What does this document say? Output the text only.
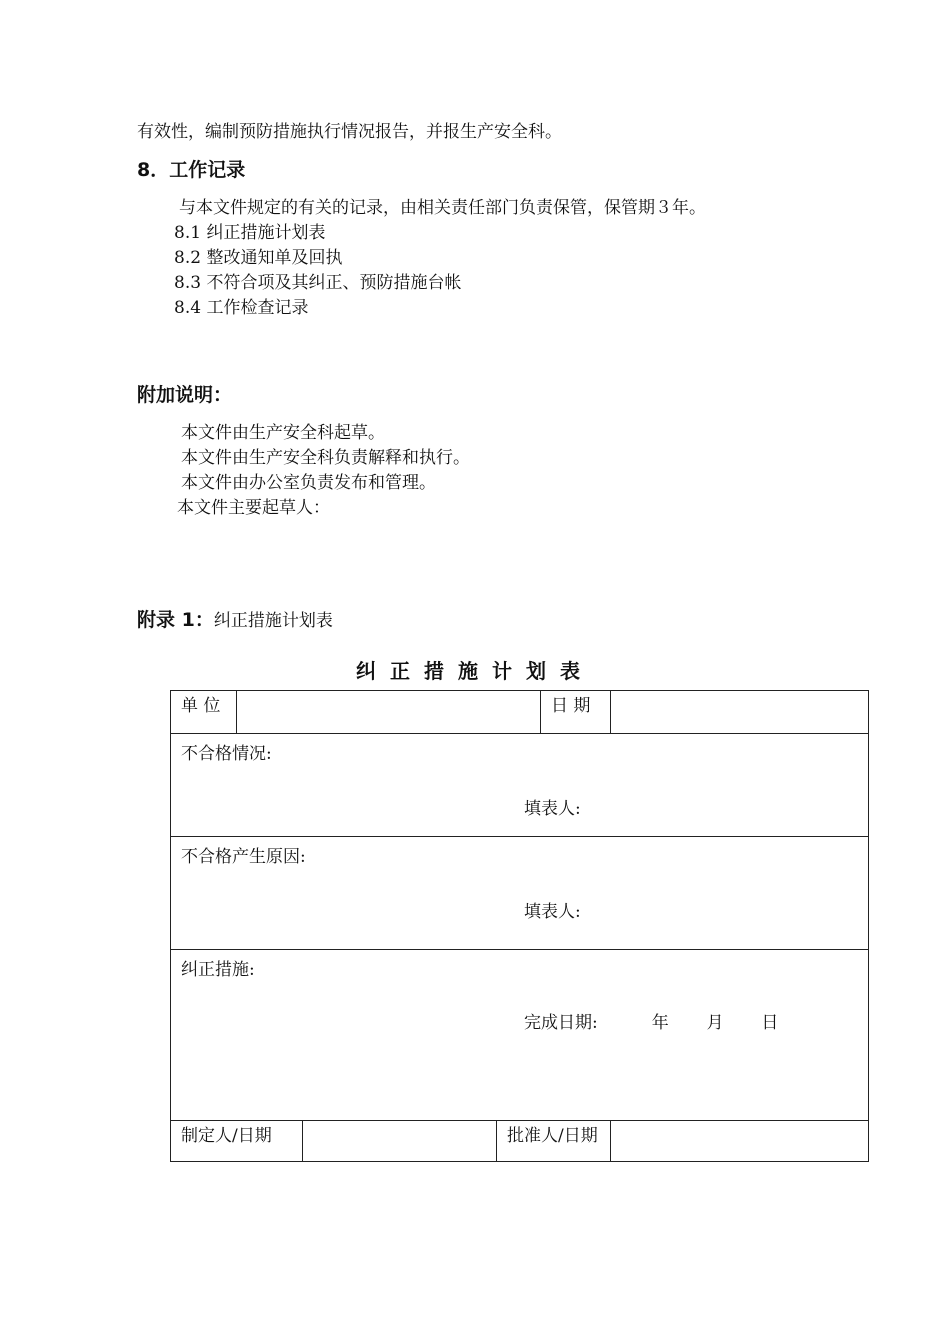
有效性，编制预防措施执行情况报告，并报生产安全科。
8．工作记录
与本文件规定的有关的记录，由相关责任部门负责保管，保管期３年。
8.1 纠正措施计划表
8.2 整改通知单及回执
8.3 不符合项及其纠正、预防措施台帐
8.4 工作检查记录
附加说明：
本文件由生产安全科起草。
本文件由生产安全科负责解释和执行。
本文件由办公室负责发布和管理。
本文件主要起草人：
附录 1：纠正措施计划表
纠正措施计划表
单 位				日 期	

不合格情况:
填表人:					

不合格产生原因:
填表人:					

纠正措施:
完成日期:          年       月       日					

制定人/日期			批准人/日期		
